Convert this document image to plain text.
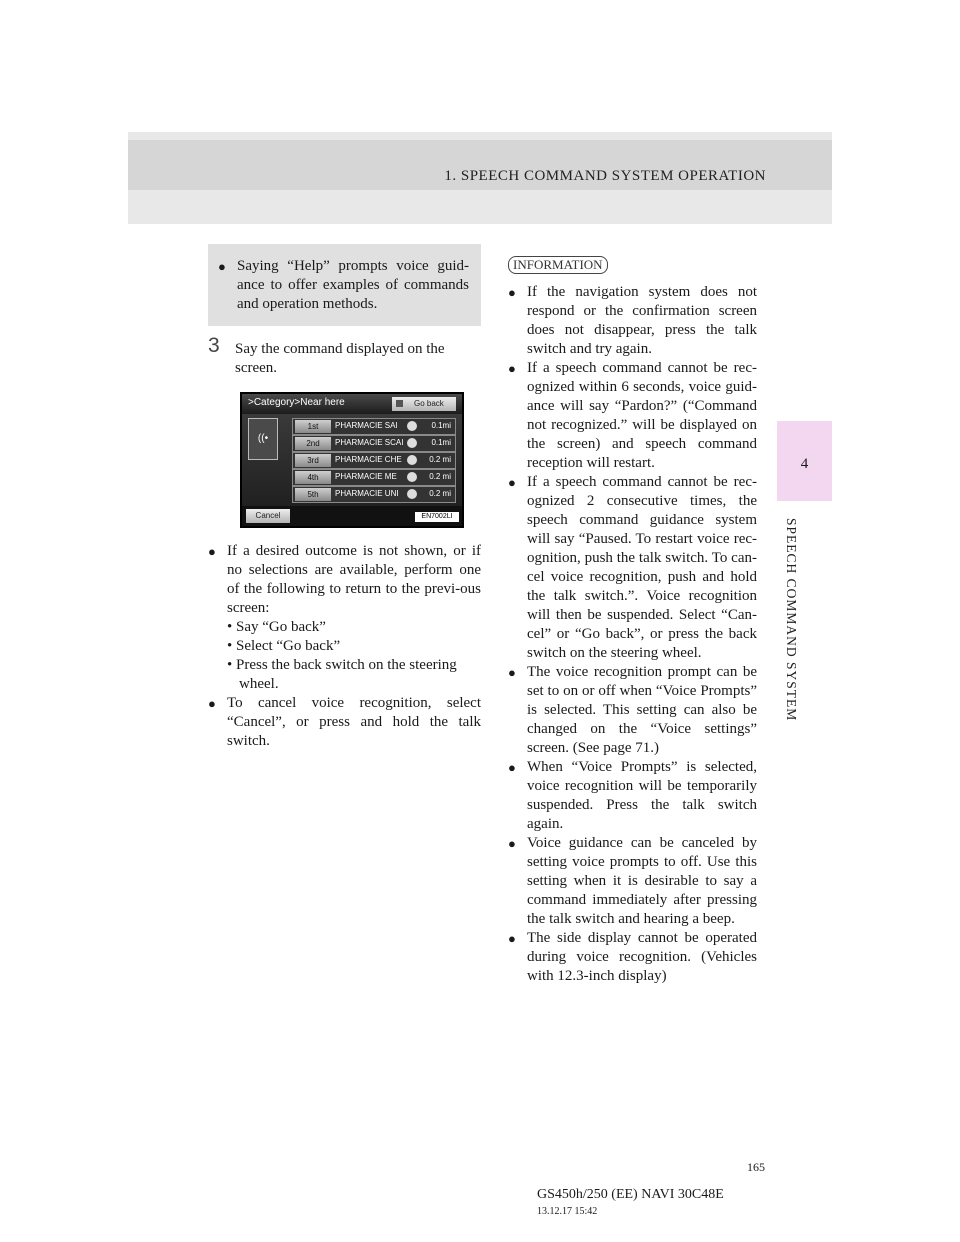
1. SPEECH COMMAND SYSTEM OPERATION
4
SPEECH COMMAND SYSTEM
● Saying “Help” prompts voice guid-ance to offer examples of commands and operation methods.
3 Say the command displayed on the screen.
>Category>Near here	Go back
((•
1st	PHARMACIE SAI	0.1mi
2nd	PHARMACIE SCAI	0.1mi
3rd	PHARMACIE CHE	0.2 mi
4th	PHARMACIE ME	0.2 mi
5th	PHARMACIE UNI	0.2 mi
Cancel	EN7002LI
● If a desired outcome is not shown, or if no selections are available, perform one of the following to return to the previ-ous screen:
• Say “Go back”
• Select “Go back”
• Press the back switch on the steering wheel.
● To cancel voice recognition, select “Cancel”, or press and hold the talk switch.
INFORMATION
● If the navigation system does not respond or the confirmation screen does not disappear, press the talk switch and try again.
● If a speech command cannot be rec-ognized within 6 seconds, voice guid-ance will say “Pardon?” (“Command not recognized.” will be displayed on the screen) and speech command reception will restart.
● If a speech command cannot be rec-ognized 2 consecutive times, the speech command guidance system will say “Paused. To restart voice rec-ognition, push the talk switch. To can-cel voice recognition, push and hold the talk switch.”. Voice recognition will then be suspended. Select “Can-cel” or “Go back”, or press the back switch on the steering wheel.
● The voice recognition prompt can be set to on or off when “Voice Prompts” is selected. This setting can also be changed on the “Voice settings” screen. (See page 71.)
● When “Voice Prompts” is selected, voice recognition will be temporarily suspended. Press the talk switch again.
● Voice guidance can be canceled by setting voice prompts to off. Use this setting when it is desirable to say a command immediately after pressing the talk switch and hearing a beep.
● The side display cannot be operated during voice recognition. (Vehicles with 12.3-inch display)
165
GS450h/250 (EE) NAVI 30C48E
13.12.17 15:42
